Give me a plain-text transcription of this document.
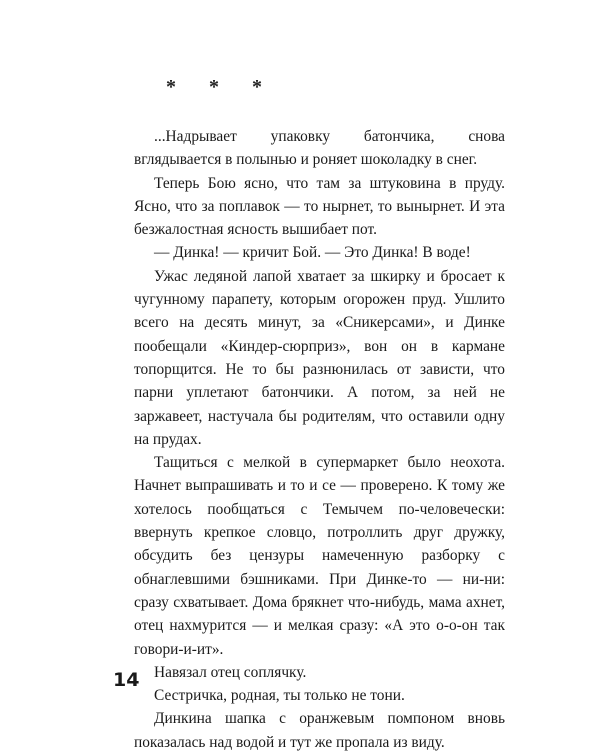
* * *

...Надрывает упаковку батончика, снова вглядывается в полынью и роняет шоколадку в снег.

Теперь Бою ясно, что там за штуковина в пруду. Ясно, что за поплавок — то нырнет, то вынырнет. И эта безжалостная ясность вышибает пот.

— Динка! — кричит Бой. — Это Динка! В воде!

Ужас ледяной лапой хватает за шкирку и бросает к чугунному парапету, которым огорожен пруд. Ушлито всего на десять минут, за «Сникерсами», и Динке пообещали «Киндер-сюрприз», вон он в кармане топорщится. Не то бы разнюнилась от зависти, что парни уплетают батончики. А потом, за ней не заржавеет, настучала бы родителям, что оставили одну на прудах.

Тащиться с мелкой в супермаркет было неохота. Начнет выпрашивать и то и се — проверено. К тому же хотелось пообщаться с Темычем по-человечески: ввернуть крепкое словцо, потроллить друг дружку, обсудить без цензуры намеченную разборку с обнаглевшими бэшниками. При Динке-то — ни-ни: сразу схватывает. Дома брякнет что-нибудь, мама ахнет, отец нахмурится — и мелкая сразу: «А это о-о-он так говори-и-ит».

Навязал отец соплячку.

Сестричка, родная, ты только не тони.

Динкина шапка с оранжевым помпоном вновь показалась над водой и тут же пропала из виду.

14
